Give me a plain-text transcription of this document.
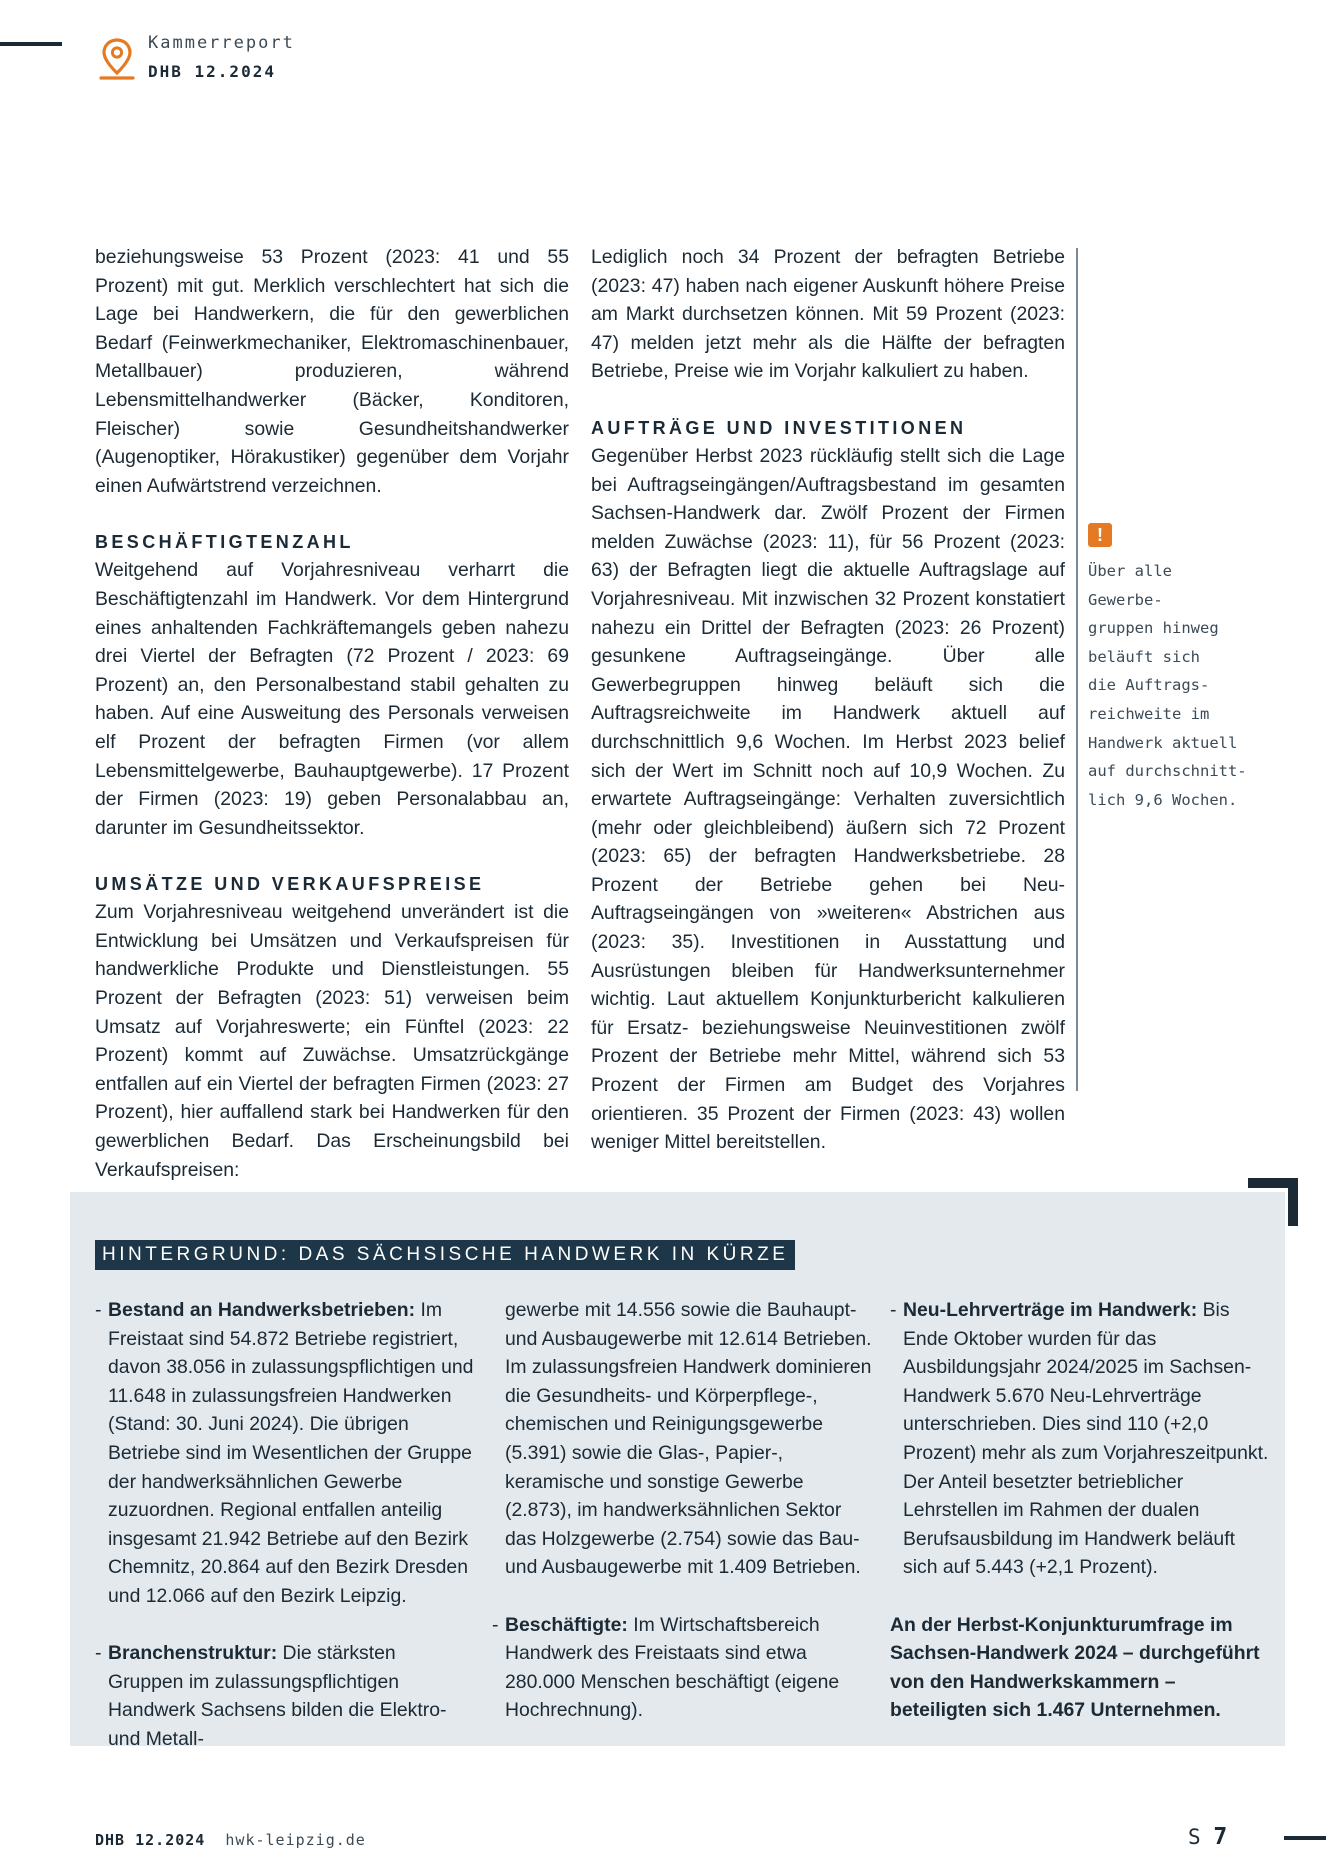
Kammerreport
DHB 12.2024

beziehungsweise 53 Prozent (2023: 41 und 55 Prozent) mit gut. Merklich verschlechtert hat sich die Lage bei Handwerkern, die für den gewerblichen Bedarf (Feinwerkmechaniker, Elektromaschinenbauer, Metallbauer) produzieren, während Lebensmittelhandwerker (Bäcker, Konditoren, Fleischer) sowie Gesundheitshandwerker (Augenoptiker, Hörakustiker) gegenüber dem Vorjahr einen Aufwärtstrend verzeichnen.

BESCHÄFTIGTENZAHL

Weitgehend auf Vorjahresniveau verharrt die Beschäftigtenzahl im Handwerk. Vor dem Hintergrund eines anhaltenden Fachkräftemangels geben nahezu drei Viertel der Befragten (72 Prozent / 2023: 69 Prozent) an, den Personalbestand stabil gehalten zu haben. Auf eine Ausweitung des Personals verweisen elf Prozent der befragten Firmen (vor allem Lebensmittelgewerbe, Bauhauptgewerbe). 17 Prozent der Firmen (2023: 19) geben Personalabbau an, darunter im Gesundheitssektor.

UMSÄTZE UND VERKAUFSPREISE

Zum Vorjahresniveau weitgehend unverändert ist die Entwicklung bei Umsätzen und Verkaufspreisen für handwerkliche Produkte und Dienstleistungen. 55 Prozent der Befragten (2023: 51) verweisen beim Umsatz auf Vorjahreswerte; ein Fünftel (2023: 22 Prozent) kommt auf Zuwächse. Umsatzrückgänge entfallen auf ein Viertel der befragten Firmen (2023: 27 Prozent), hier auffallend stark bei Handwerken für den gewerblichen Bedarf. Das Erscheinungsbild bei Verkaufspreisen:

Lediglich noch 34 Prozent der befragten Betriebe (2023: 47) haben nach eigener Auskunft höhere Preise am Markt durchsetzen können. Mit 59 Prozent (2023: 47) melden jetzt mehr als die Hälfte der befragten Betriebe, Preise wie im Vorjahr kalkuliert zu haben.

AUFTRÄGE UND INVESTITIONEN

Gegenüber Herbst 2023 rückläufig stellt sich die Lage bei Auftragseingängen/Auftragsbestand im gesamten Sachsen-Handwerk dar. Zwölf Prozent der Firmen melden Zuwächse (2023: 11), für 56 Prozent (2023: 63) der Befragten liegt die aktuelle Auftragslage auf Vorjahresniveau. Mit inzwischen 32 Prozent konstatiert nahezu ein Drittel der Befragten (2023: 26 Prozent) gesunkene Auftragseingänge. Über alle Gewerbegruppen hinweg beläuft sich die Auftragsreichweite im Handwerk aktuell auf durchschnittlich 9,6 Wochen. Im Herbst 2023 belief sich der Wert im Schnitt noch auf 10,9 Wochen. Zu erwartete Auftragseingänge: Verhalten zuversichtlich (mehr oder gleichbleibend) äußern sich 72 Prozent (2023: 65) der befragten Handwerksbetriebe. 28 Prozent der Betriebe gehen bei Neu-Auftragseingängen von »weiteren« Abstrichen aus (2023: 35). Investitionen in Ausstattung und Ausrüstungen bleiben für Handwerksunternehmer wichtig. Laut aktuellem Konjunkturbericht kalkulieren für Ersatz- beziehungsweise Neuinvestitionen zwölf Prozent der Betriebe mehr Mittel, während sich 53 Prozent der Firmen am Budget des Vorjahres orientieren. 35 Prozent der Firmen (2023: 43) wollen weniger Mittel bereitstellen.

!
Über alle
Gewerbe-
gruppen hinweg
beläuft sich
die Auftrags-
reichweite im
Handwerk aktuell
auf durchschnitt-
lich 9,6 Wochen.
HINTERGRUND: DAS SÄCHSISCHE HANDWERK IN KÜRZE
- Bestand an Handwerksbetrieben: Im Freistaat sind 54.872 Betriebe registriert, davon 38.056 in zulassungspflichtigen und 11.648 in zulassungsfreien Handwerken (Stand: 30. Juni 2024). Die übrigen Betriebe sind im Wesentlichen der Gruppe der handwerksähnlichen Gewerbe zuzuordnen. Regional entfallen anteilig insgesamt 21.942 Betriebe auf den Bezirk Chemnitz, 20.864 auf den Bezirk Dresden und 12.066 auf den Bezirk Leipzig.
- Branchenstruktur: Die stärksten Gruppen im zulassungspflichtigen Handwerk Sachsens bilden die Elektro- und Metall-
gewerbe mit 14.556 sowie die Bauhaupt- und Ausbaugewerbe mit 12.614 Betrieben. Im zulassungsfreien Handwerk dominieren die Gesundheits- und Körperpflege-, chemischen und Reinigungsgewerbe (5.391) sowie die Glas-, Papier-, keramische und sonstige Gewerbe (2.873), im handwerksähnlichen Sektor das Holzgewerbe (2.754) sowie das Bau- und Ausbaugewerbe mit 1.409 Betrieben.
- Beschäftigte: Im Wirtschaftsbereich Handwerk des Freistaats sind etwa 280.000 Menschen beschäftigt (eigene Hochrechnung).
- Neu-Lehrverträge im Handwerk: Bis Ende Oktober wurden für das Ausbildungsjahr 2024/2025 im Sachsen-Handwerk 5.670 Neu-Lehrverträge unterschrieben. Dies sind 110 (+2,0 Prozent) mehr als zum Vorjahreszeitpunkt. Der Anteil besetzter betrieblicher Lehrstellen im Rahmen der dualen Berufsausbildung im Handwerk beläuft sich auf 5.443 (+2,1 Prozent).

An der Herbst-Konjunkturumfrage im Sachsen-Handwerk 2024 – durchgeführt von den Handwerkskammern – beteiligten sich 1.467 Unternehmen.

DHB 12.2024 hwk-leipzig.de	S 7
